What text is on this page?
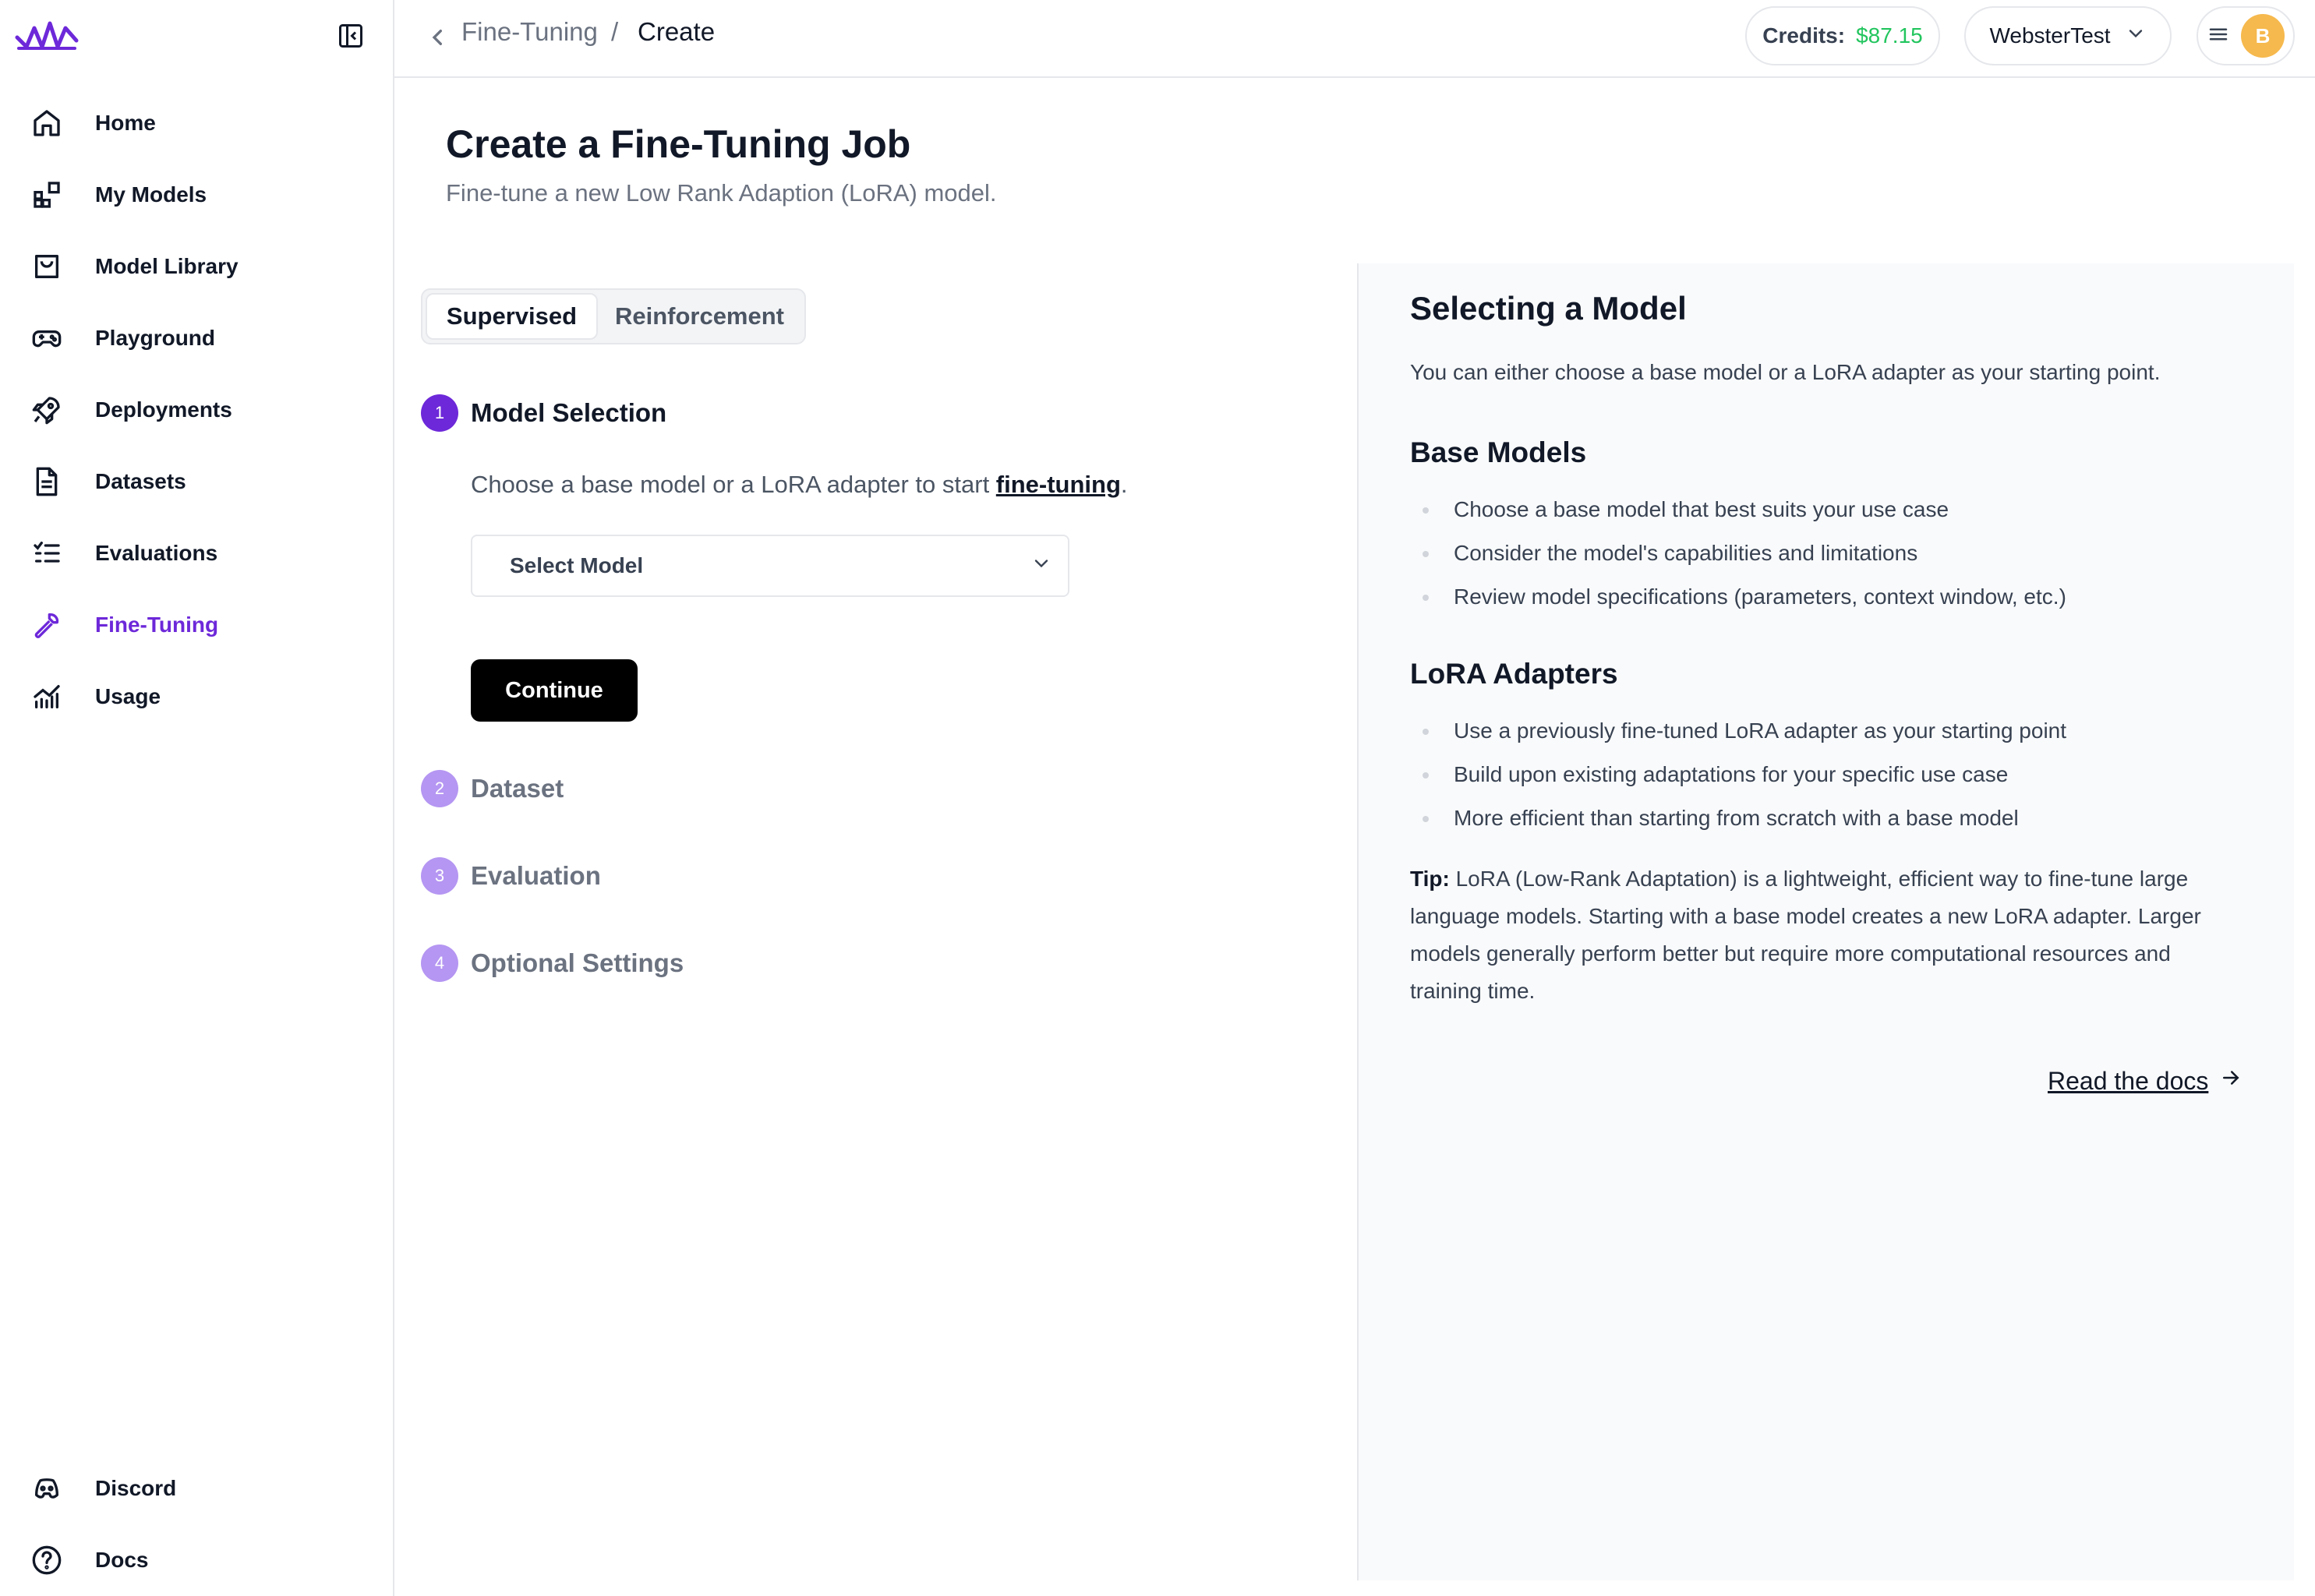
Home
My Models
Model Library
Playground
Deployments
Datasets
Evaluations
Fine-Tuning
Usage
Discord
Docs
Fine-Tuning / Create	Credits: $87.15	WebsterTest	B
Create a Fine-Tuning Job

Fine-tune a new Low Rank Adaption (LoRA) model.

Supervised	Reinforcement
1	Model Selection

Choose a base model or a LoRA adapter to start fine-tuning.

Select Model
Continue
2	Dataset
3	Evaluation
4	Optional Settings
Selecting a Model

You can either choose a base model or a LoRA adapter as your starting point.

Base Models
Choose a base model that best suits your use case
Consider the model's capabilities and limitations
Review model specifications (parameters, context window, etc.)
LoRA Adapters
Use a previously fine-tuned LoRA adapter as your starting point
Build upon existing adaptations for your specific use case
More efficient than starting from scratch with a base model

Tip: LoRA (Low-Rank Adaptation) is a lightweight, efficient way to fine-tune large language models. Starting with a base model creates a new LoRA adapter. Larger models generally perform better but require more computational resources and training time.

Read the docs
